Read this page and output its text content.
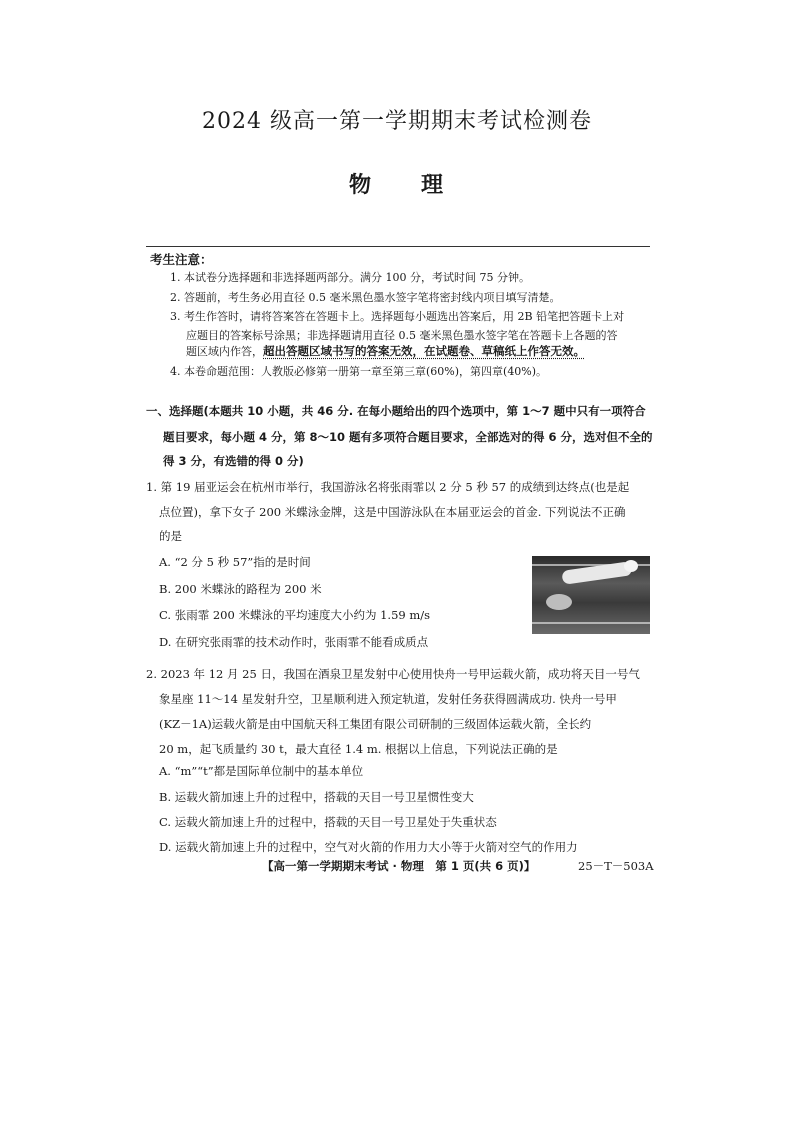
2024 级高一第一学期期末考试检测卷
物　　理
考生注意：
1. 本试卷分选择题和非选择题两部分。满分 100 分，考试时间 75 分钟。
2. 答题前，考生务必用直径 0.5 毫米黑色墨水签字笔将密封线内项目填写清楚。
3. 考生作答时，请将答案答在答题卡上。选择题每小题选出答案后，用 2B 铅笔把答题卡上对
应题目的答案标号涂黑；非选择题请用直径 0.5 毫米黑色墨水签字笔在答题卡上各题的答
题区域内作答，超出答题区域书写的答案无效，在试题卷、草稿纸上作答无效。
4. 本卷命题范围：人教版必修第一册第一章至第三章(60%)，第四章(40%)。
一、选择题(本题共 10 小题，共 46 分. 在每小题给出的四个选项中，第 1～7 题中只有一项符合
题目要求，每小题 4 分，第 8～10 题有多项符合题目要求，全部选对的得 6 分，选对但不全的
得 3 分，有选错的得 0 分)
1. 第 19 届亚运会在杭州市举行，我国游泳名将张雨霏以 2 分 5 秒 57 的成绩到达终点(也是起
点位置)，拿下女子 200 米蝶泳金牌，这是中国游泳队在本届亚运会的首金. 下列说法不正确
的是
A. “2 分 5 秒 57”指的是时间
B. 200 米蝶泳的路程为 200 米
C. 张雨霏 200 米蝶泳的平均速度大小约为 1.59 m/s
D. 在研究张雨霏的技术动作时，张雨霏不能看成质点
2. 2023 年 12 月 25 日，我国在酒泉卫星发射中心使用快舟一号甲运载火箭，成功将天目一号气
象星座 11～14 星发射升空，卫星顺利进入预定轨道，发射任务获得圆满成功. 快舟一号甲
(KZ－1A)运载火箭是由中国航天科工集团有限公司研制的三级固体运载火箭，全长约
20 m，起飞质量约 30 t，最大直径 1.4 m. 根据以上信息，下列说法正确的是
A. “m”“t”都是国际单位制中的基本单位
B. 运载火箭加速上升的过程中，搭载的天目一号卫星惯性变大
C. 运载火箭加速上升的过程中，搭载的天目一号卫星处于失重状态
D. 运载火箭加速上升的过程中，空气对火箭的作用力大小等于火箭对空气的作用力
【高一第一学期期末考试 · 物理　第 1 页(共 6 页)】	25－T－503A
